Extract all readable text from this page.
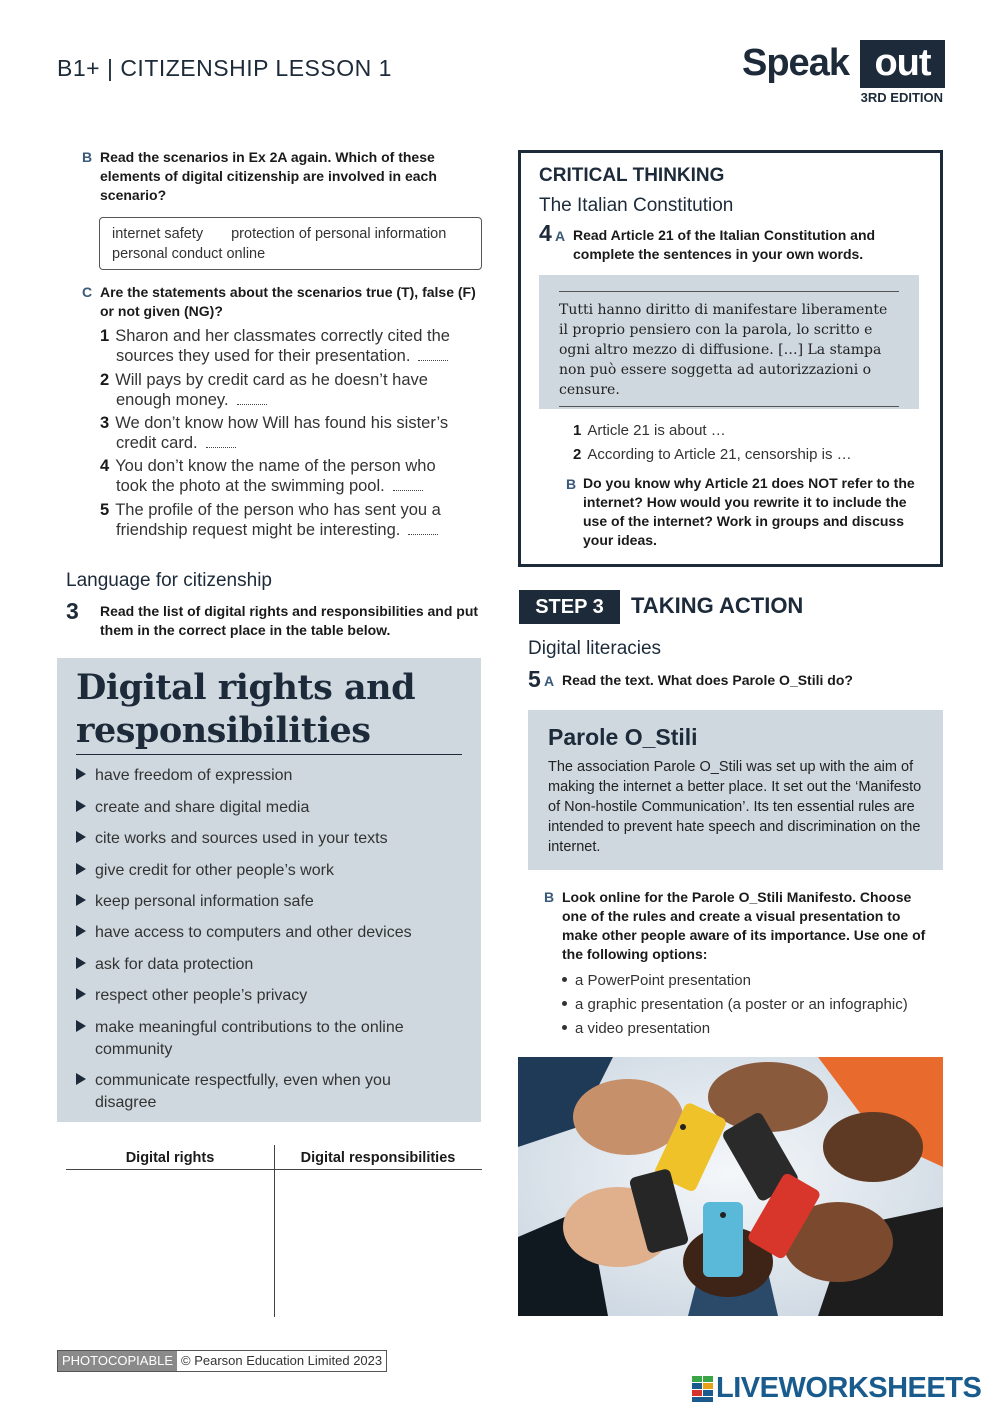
B1+ | CITIZENSHIP LESSON 1	Speak out
3RD EDITION
B Read the scenarios in Ex 2A again. Which of these elements of digital citizenship are involved in each scenario?
internet safety protection of personal information
personal conduct online
C Are the statements about the scenarios true (T), false (F) or not given (NG)?
1 Sharon and her classmates correctly cited the
sources they used for their presentation.
2 Will pays by credit card as he doesn’t have
enough money.
3 We don’t know how Will has found his sister’s
credit card.
4 You don’t know the name of the person who
took the photo at the swimming pool.
5 The profile of the person who has sent you a
friendship request might be interesting.
Language for citizenship
3 Read the list of digital rights and responsibilities and put them in the correct place in the table below.
Digital rights and
responsibilities
have freedom of expression
create and share digital media
cite works and sources used in your texts
give credit for other people’s work
keep personal information safe
have access to computers and other devices
ask for data protection
respect other people’s privacy
make meaningful contributions to the online community
communicate respectfully, even when you disagree
Digital rights	Digital responsibilities
PHOTOCOPIABLE © Pearson Education Limited 2023
CRITICAL THINKING
The Italian Constitution
4 A Read Article 21 of the Italian Constitution and complete the sentences in your own words.
Tutti hanno diritto di manifestare liberamente il proprio pensiero con la parola, lo scritto e ogni altro mezzo di diffusione. […] La stampa non può essere soggetta ad autorizzazioni o censure.
1 Article 21 is about …
2 According to Article 21, censorship is …
B Do you know why Article 21 does NOT refer to the internet? How would you rewrite it to include the use of the internet? Work in groups and discuss your ideas.
STEP 3	TAKING ACTION
Digital literacies
5 A Read the text. What does Parole O_Stili do?
Parole O_Stili
The association Parole O_Stili was set up with the aim of making the internet a better place. It set out the ‘Manifesto of Non-hostile Communication’. Its ten essential rules are intended to prevent hate speech and discrimination on the internet.
B Look online for the Parole O_Stili Manifesto. Choose one of the rules and create a visual presentation to make other people aware of its importance. Use one of the following options:
a PowerPoint presentation
a graphic presentation (a poster or an infographic)
a video presentation
LIVEWORKSHEETS
